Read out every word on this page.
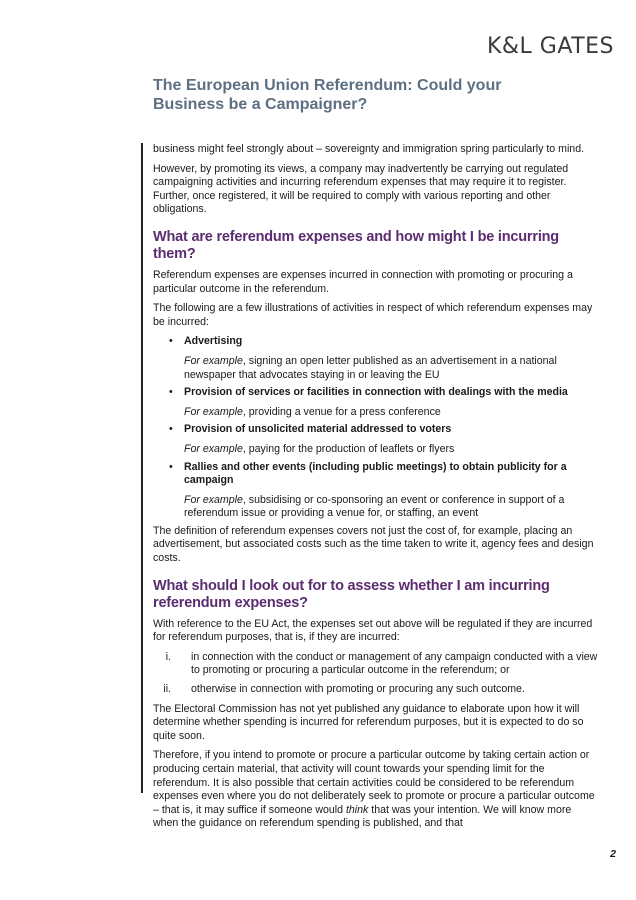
K&L GATES
The European Union Referendum: Could your Business be a Campaigner?

business might feel strongly about – sovereignty and immigration spring particularly to mind.

However, by promoting its views, a company may inadvertently be carrying out regulated campaigning activities and incurring referendum expenses that may require it to register. Further, once registered, it will be required to comply with various reporting and other obligations.

What are referendum expenses and how might I be incurring them?

Referendum expenses are expenses incurred in connection with promoting or procuring a particular outcome in the referendum.

The following are a few illustrations of activities in respect of which referendum expenses may be incurred:

• Advertising
For example, signing an open letter published as an advertisement in a national newspaper that advocates staying in or leaving the EU
• Provision of services or facilities in connection with dealings with the media
For example, providing a venue for a press conference
• Provision of unsolicited material addressed to voters
For example, paying for the production of leaflets or flyers
• Rallies and other events (including public meetings) to obtain publicity for a campaign
For example, subsidising or co-sponsoring an event or conference in support of a referendum issue or providing a venue for, or staffing, an event

The definition of referendum expenses covers not just the cost of, for example, placing an advertisement, but associated costs such as the time taken to write it, agency fees and design costs.

What should I look out for to assess whether I am incurring referendum expenses?

With reference to the EU Act, the expenses set out above will be regulated if they are incurred for referendum purposes, that is, if they are incurred:

i. in connection with the conduct or management of any campaign conducted with a view to promoting or procuring a particular outcome in the referendum; or
ii. otherwise in connection with promoting or procuring any such outcome.

The Electoral Commission has not yet published any guidance to elaborate upon how it will determine whether spending is incurred for referendum purposes, but it is expected to do so quite soon.

Therefore, if you intend to promote or procure a particular outcome by taking certain action or producing certain material, that activity will count towards your spending limit for the referendum. It is also possible that certain activities could be considered to be referendum expenses even where you do not deliberately seek to promote or procure a particular outcome – that is, it may suffice if someone would think that was your intention. We will know more when the guidance on referendum spending is published, and that

2
